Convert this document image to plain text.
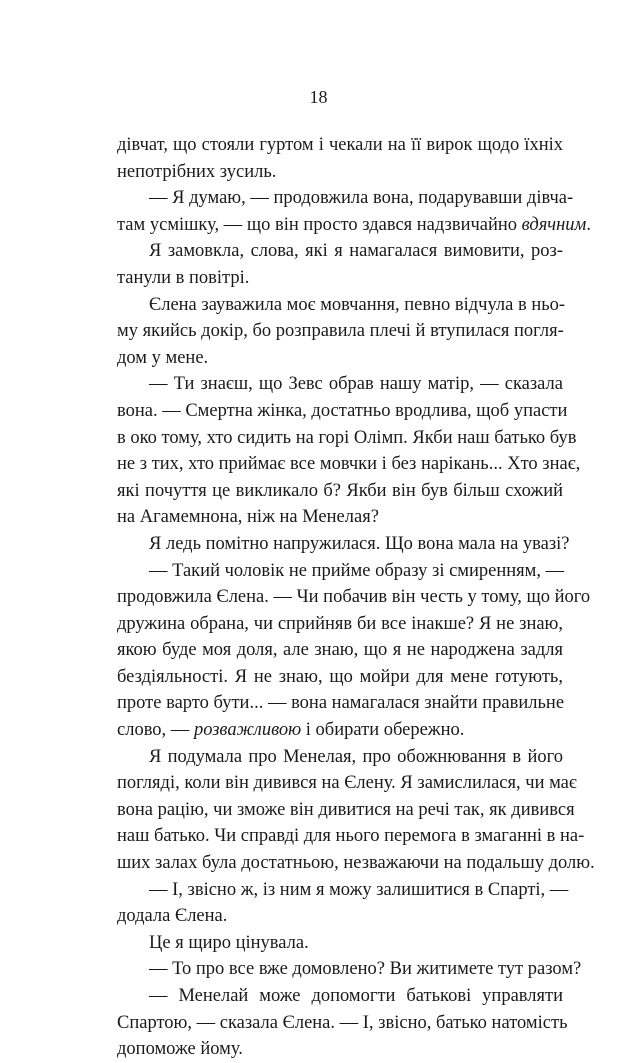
18
дівчат, що стояли гуртом і чекали на її вирок щодо їхніх
непотрібних зусиль.
— Я думаю, — продовжила вона, подарувавши дівча-
там усмішку, — що він просто здався надзвичайно вдячним.
Я замовкла, слова, які я намагалася вимовити, роз-
танули в повітрі.
Єлена зауважила моє мовчання, певно відчула в ньо-
му якийсь докір, бо розправила плечі й втупилася погля-
дом у мене.
— Ти знаєш, що Зевс обрав нашу матір, — сказала
вона. — Смертна жінка, достатньо вродлива, щоб упасти
в око тому, хто сидить на горі Олімп. Якби наш батько був
не з тих, хто приймає все мовчки і без нарікань... Хто знає,
які почуття це викликало б? Якби він був більш схожий
на Агамемнона, ніж на Менелая?
Я ледь помітно напружилася. Що вона мала на увазі?
— Такий чоловік не прийме образу зі смиренням, —
продовжила Єлена. — Чи побачив він честь у тому, що його
дружина обрана, чи сприйняв би все інакше? Я не знаю,
якою буде моя доля, але знаю, що я не народжена задля
бездіяльності. Я не знаю, що мойри для мене готують,
проте варто бути... — вона намагалася знайти правильне
слово, — розважливою і обирати обережно.
Я подумала про Менелая, про обожнювання в його
погляді, коли він дивився на Єлену. Я замислилася, чи має
вона рацію, чи зможе він дивитися на речі так, як дивився
наш батько. Чи справді для нього перемога в змаганні в на-
ших залах була достатньою, незважаючи на подальшу долю.
— І, звісно ж, із ним я можу залишитися в Спарті, —
додала Єлена.
Це я щиро цінувала.
— То про все вже домовлено? Ви житимете тут разом?
— Менелай може допомогти батькові управляти
Спартою, — сказала Єлена. — І, звісно, батько натомість
допоможе йому.
